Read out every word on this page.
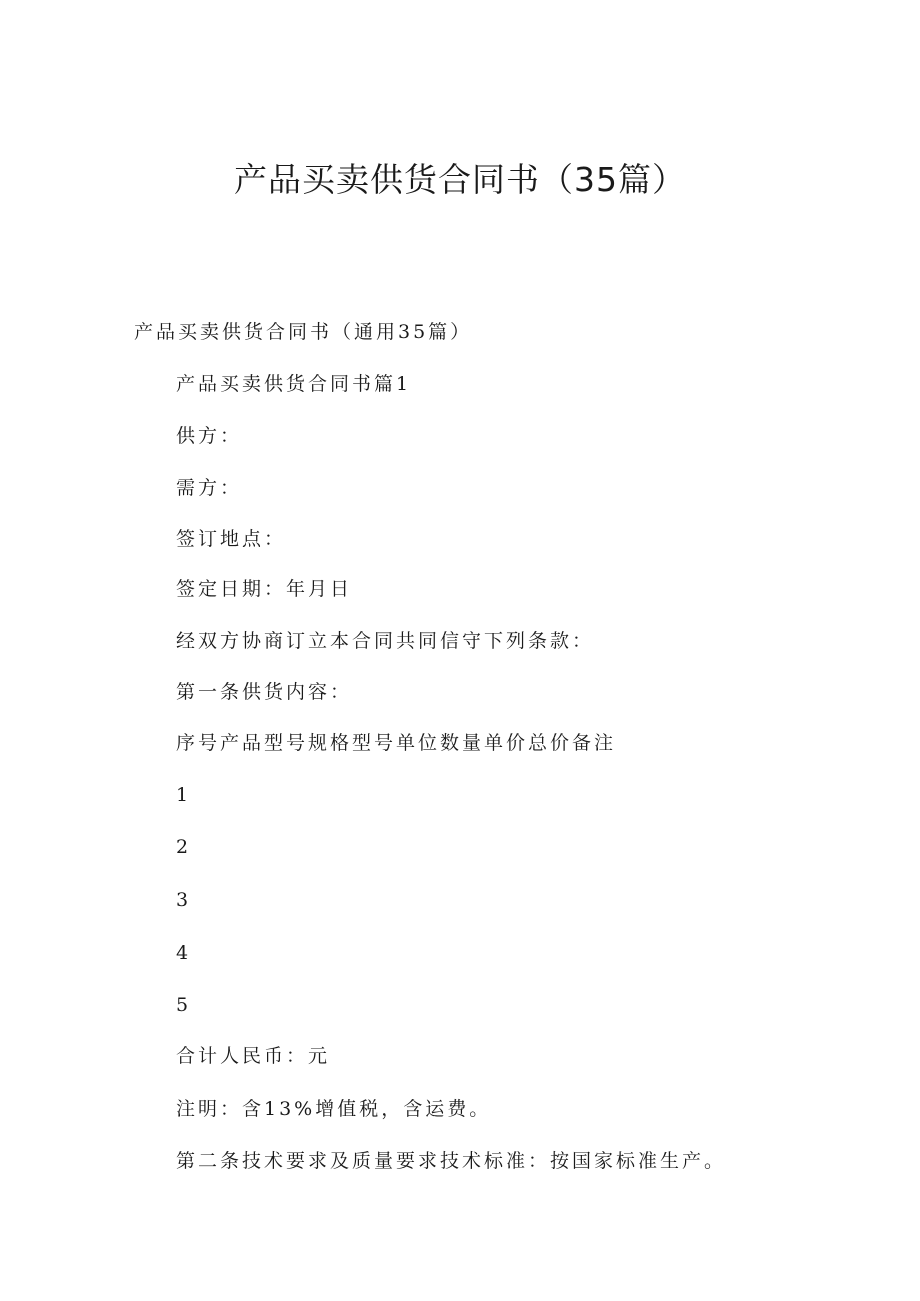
产品买卖供货合同书（35篇）

产品买卖供货合同书（通用35篇）

产品买卖供货合同书篇1

供方：

需方：

签订地点：

签定日期：年月日

经双方协商订立本合同共同信守下列条款：

第一条供货内容：

序号产品型号规格型号单位数量单价总价备注

1

2

3

4

5

合计人民币：元

注明：含13%增值税，含运费。

第二条技术要求及质量要求技术标准：按国家标准生产。
